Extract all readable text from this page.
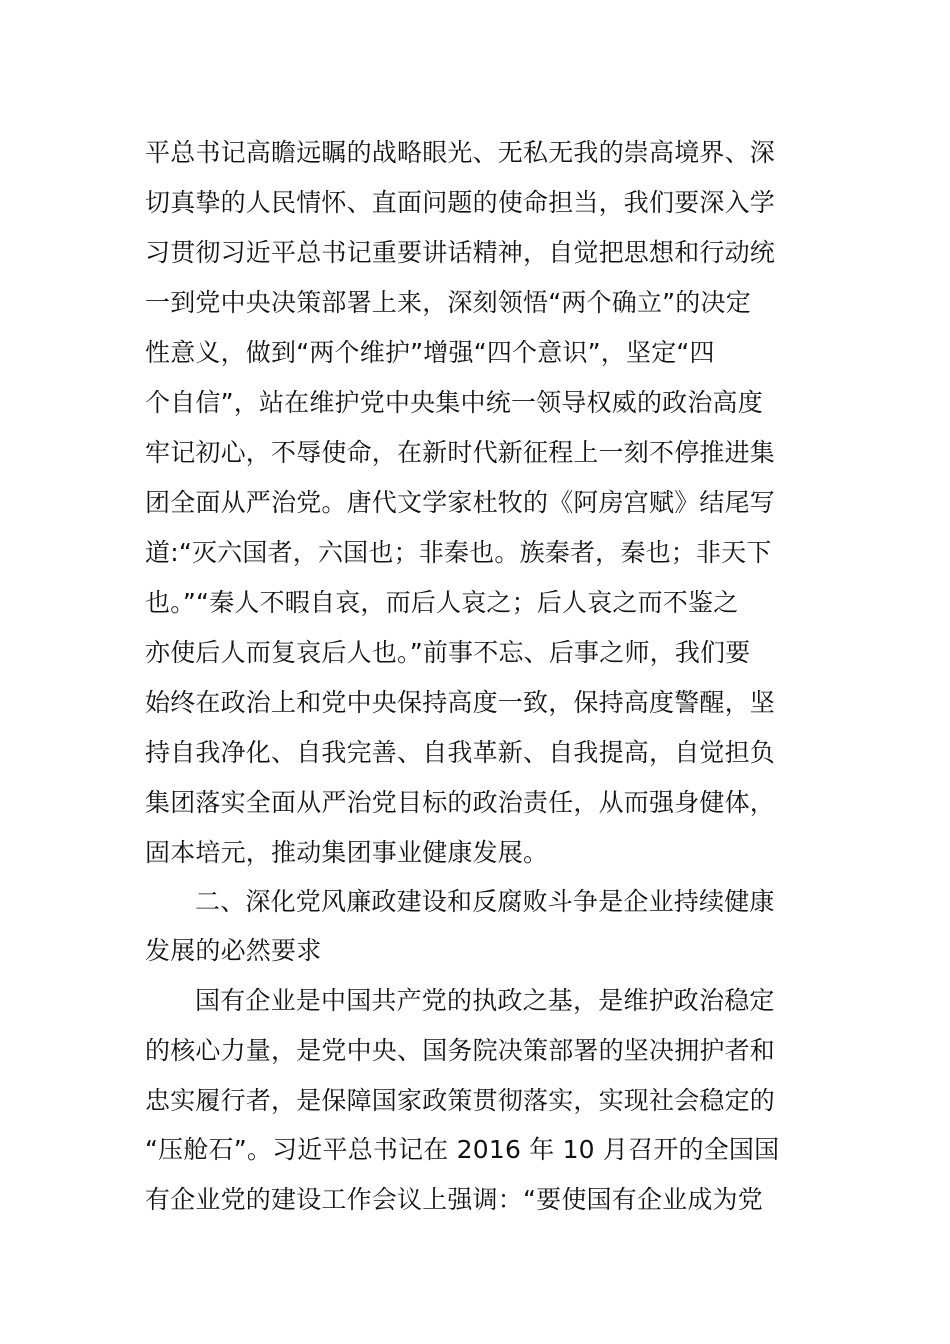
平总书记高瞻远瞩的战略眼光、无私无我的崇高境界、深
切真挚的人民情怀、直面问题的使命担当，我们要深入学
习贯彻习近平总书记重要讲话精神，自觉把思想和行动统
一到党中央决策部署上来，深刻领悟“两个确立”的决定
性意义，做到“两个维护”增强“四个意识”，坚定“四
个自信”，站在维护党中央集中统一领导权威的政治高度
牢记初心，不辱使命，在新时代新征程上一刻不停推进集
团全面从严治党。唐代文学家杜牧的《阿房宫赋》结尾写
道:“灭六国者，六国也；非秦也。族秦者，秦也；非天下
也。”“秦人不暇自哀，而后人哀之；后人哀之而不鉴之
亦使后人而复哀后人也。”前事不忘、后事之师，我们要
始终在政治上和党中央保持高度一致，保持高度警醒，坚
持自我净化、自我完善、自我革新、自我提高，自觉担负
集团落实全面从严治党目标的政治责任，从而强身健体，
固本培元，推动集团事业健康发展。
二、深化党风廉政建设和反腐败斗争是企业持续健康
发展的必然要求
国有企业是中国共产党的执政之基，是维护政治稳定
的核心力量，是党中央、国务院决策部署的坚决拥护者和
忠实履行者，是保障国家政策贯彻落实，实现社会稳定的
“压舱石”。习近平总书记在 2016 年 10 月召开的全国国
有企业党的建设工作会议上强调：“要使国有企业成为党
